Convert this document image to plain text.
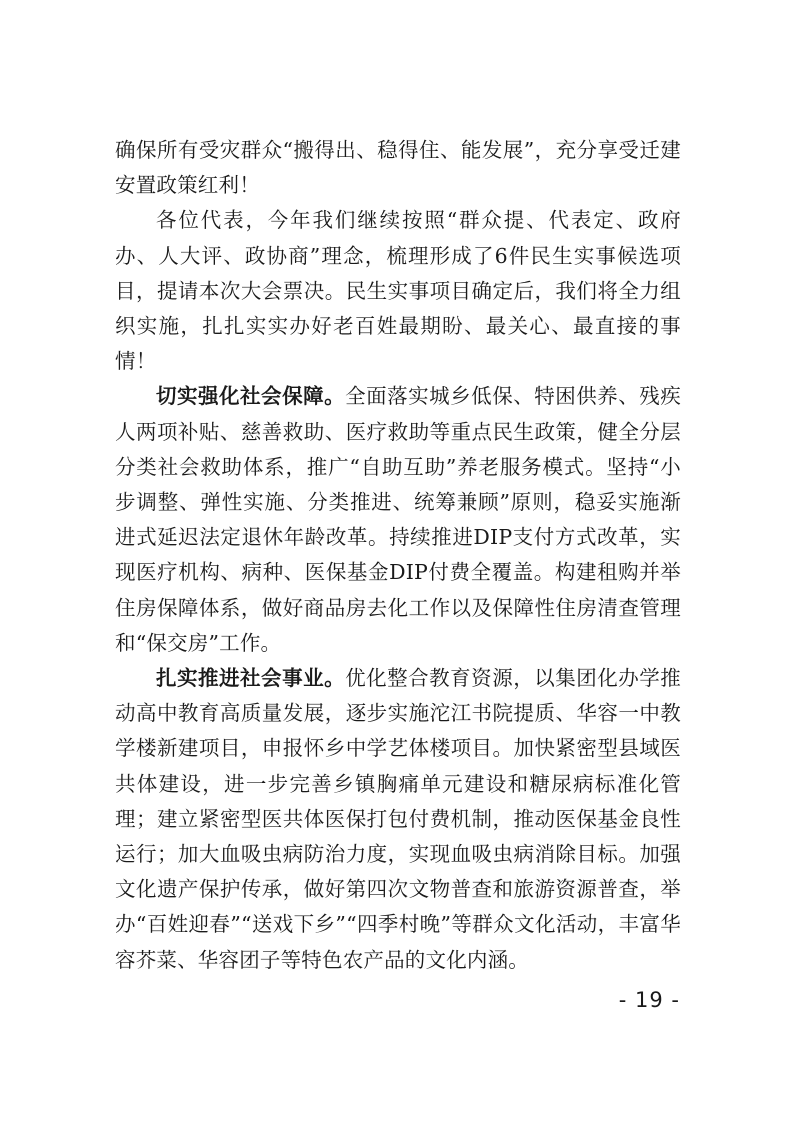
确保所有受灾群众“搬得出、稳得住、能发展”，充分享受迁建安置政策红利！

各位代表，今年我们继续按照“群众提、代表定、政府办、人大评、政协商”理念，梳理形成了6件民生实事候选项目，提请本次大会票决。民生实事项目确定后，我们将全力组织实施，扎扎实实办好老百姓最期盼、最关心、最直接的事情！

切实强化社会保障。全面落实城乡低保、特困供养、残疾人两项补贴、慈善救助、医疗救助等重点民生政策，健全分层分类社会救助体系，推广“自助互助”养老服务模式。坚持“小步调整、弹性实施、分类推进、统筹兼顾”原则，稳妥实施渐进式延迟法定退休年龄改革。持续推进DIP支付方式改革，实现医疗机构、病种、医保基金DIP付费全覆盖。构建租购并举住房保障体系，做好商品房去化工作以及保障性住房清查管理和“保交房”工作。

扎实推进社会事业。优化整合教育资源，以集团化办学推动高中教育高质量发展，逐步实施沱江书院提质、华容一中教学楼新建项目，申报怀乡中学艺体楼项目。加快紧密型县域医共体建设，进一步完善乡镇胸痛单元建设和糖尿病标准化管理；建立紧密型医共体医保打包付费机制，推动医保基金良性运行；加大血吸虫病防治力度，实现血吸虫病消除目标。加强文化遗产保护传承，做好第四次文物普查和旅游资源普查，举办“百姓迎春”“送戏下乡”“四季村晚”等群众文化活动，丰富华容芥菜、华容团子等特色农产品的文化内涵。

- 19 -
